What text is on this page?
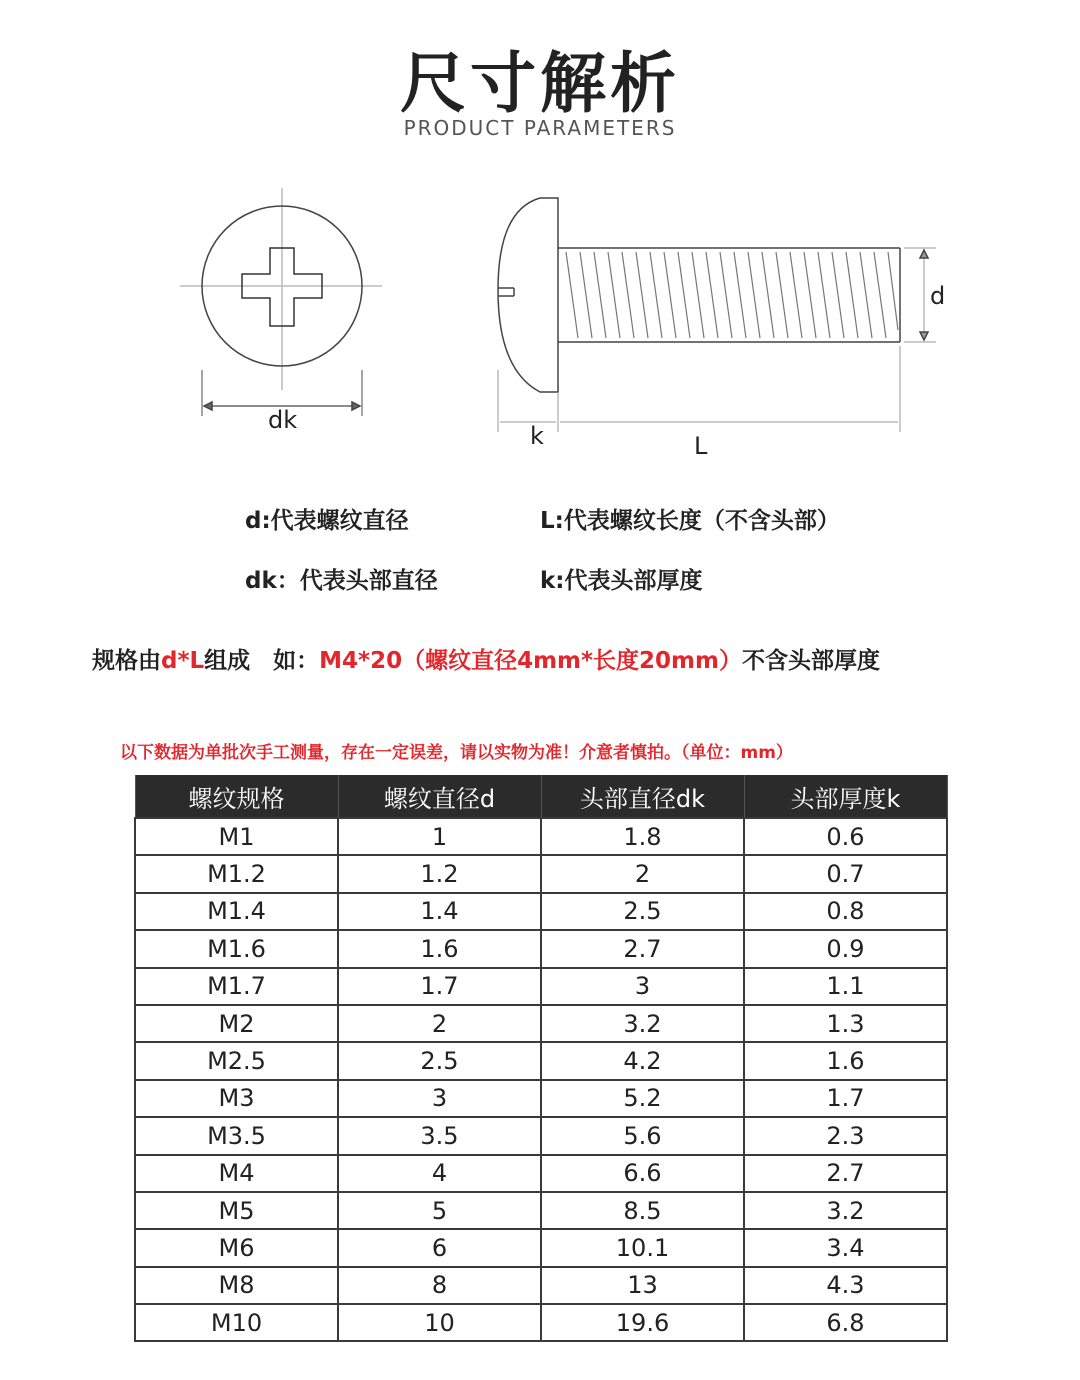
尺寸解析
PRODUCT PARAMETERS
dk
d
k	L
d:代表螺纹直径	L:代表螺纹长度（不含头部）
dk：代表头部直径	k:代表头部厚度
规格由d*L组成　如：M4*20（螺纹直径4mm*长度20mm）不含头部厚度
以下数据为单批次手工测量，存在一定误差，请以实物为准！介意者慎拍。（单位：mm）
螺纹规格	螺纹直径d	头部直径dk	头部厚度k
M1	1	1.8	0.6
M1.2	1.2	2	0.7
M1.4	1.4	2.5	0.8
M1.6	1.6	2.7	0.9
M1.7	1.7	3	1.1
M2	2	3.2	1.3
M2.5	2.5	4.2	1.6
M3	3	5.2	1.7
M3.5	3.5	5.6	2.3
M4	4	6.6	2.7
M5	5	8.5	3.2
M6	6	10.1	3.4
M8	8	13	4.3
M10	10	19.6	6.8
